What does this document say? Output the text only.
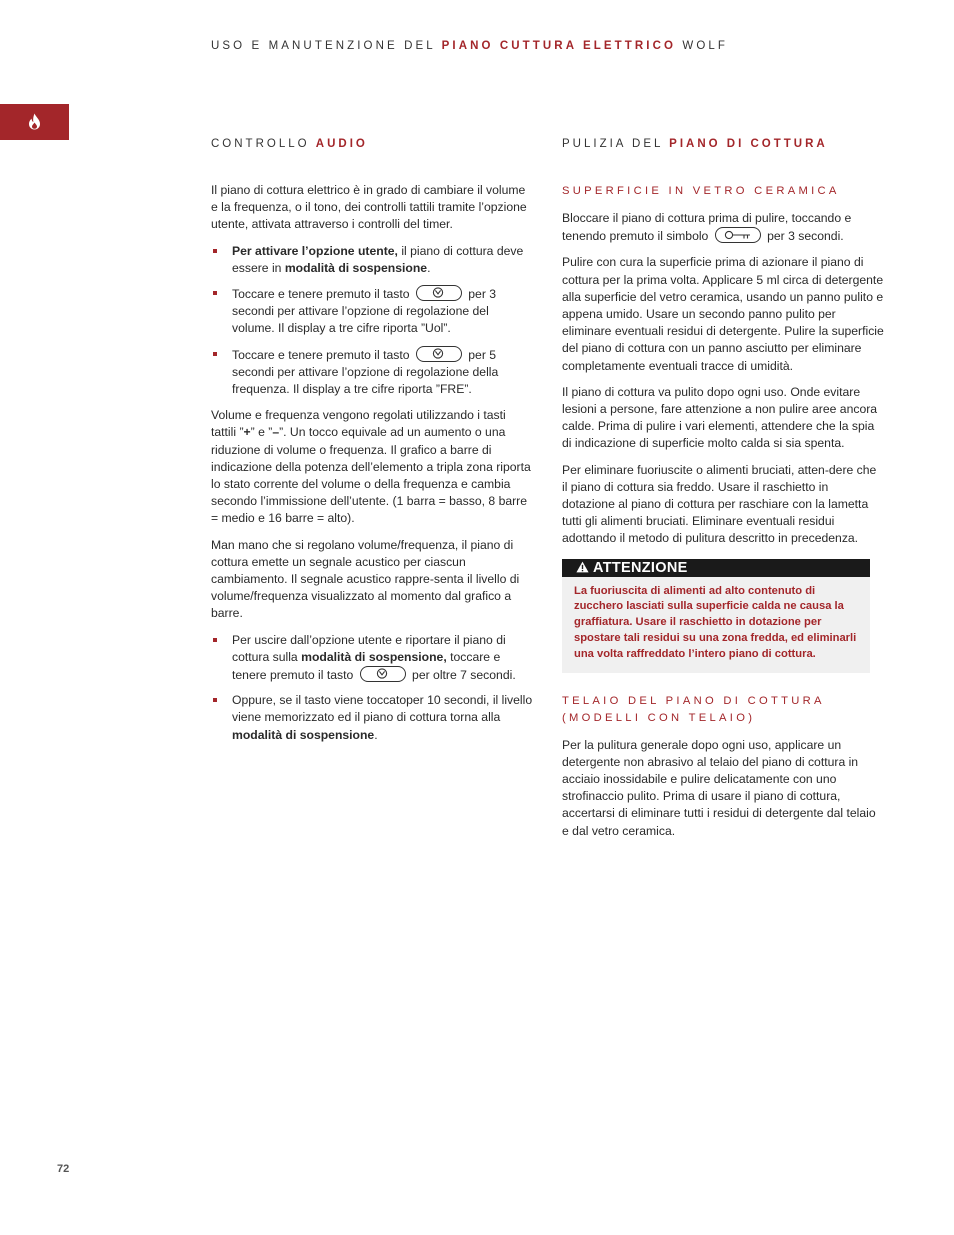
USO E MANUTENZIONE DEL PIANO CUTTURA ELETTRICO WOLF
CONTROLLO AUDIO	PULIZIA DEL PIANO DI COTTURA

Il piano di cottura elettrico è in grado di cambiare il volume e la frequenza, o il tono, dei controlli tattili tramite l’opzione utente, attivata attraverso i controlli del timer.

Per attivare l’opzione utente, il piano di cottura deve essere in modalità di sospensione.
Toccare e tenere premuto il tasto	per 3 secondi per attivare l’opzione di regolazione del volume. Il display a tre cifre riporta ”Uol”.
Toccare e tenere premuto il tasto	per 5 secondi per attivare l’opzione di regolazione della frequenza. Il display a tre cifre riporta ”FRE”.

Volume e frequenza vengono regolati utilizzando i tasti tattili ”+” e ”–”. Un tocco equivale ad un aumento o una riduzione di volume o frequenza. Il grafico a barre di indicazione della potenza dell’elemento a tripla zona riporta lo stato corrente del volume o della frequenza e cambia secondo l’immissione dell’utente. (1 barra = basso, 8 barre = medio e 16 barre = alto).

Man mano che si regolano volume/frequenza, il piano di cottura emette un segnale acustico per ciascun cambiamento. Il segnale acustico rappre-senta il livello di volume/frequenza visualizzato al momento dal grafico a barre.

Per uscire dall’opzione utente e riportare il piano di cottura sulla modalità di sospensione, toccare e tenere premuto il tasto	per oltre 7 secondi.
Oppure, se il tasto viene toccatoper 10 secondi, il livello viene memorizzato ed il piano di cottura torna alla modalità di sospensione.
SUPERFICIE IN VETRO CERAMICA

Bloccare il piano di cottura prima di pulire, toccando e tenendo premuto il simbolo	per 3 secondi.

Pulire con cura la superficie prima di azionare il piano di cottura per la prima volta. Applicare 5 ml circa di detergente alla superficie del vetro ceramica, usando un panno pulito e appena umido. Usare un secondo panno pulito per eliminare eventuali residui di detergente. Pulire la superficie del piano di cottura con un panno asciutto per eliminare completamente eventuali tracce di umidità.

Il piano di cottura va pulito dopo ogni uso. Onde evitare lesioni a persone, fare attenzione a non pulire aree ancora calde. Prima di pulire i vari elementi, attendere che la spia di indicazione di superficie molto calda si sia spenta.

Per eliminare fuoriuscite o alimenti bruciati, atten-dere che il piano di cottura sia freddo. Usare il raschietto in dotazione al piano di cottura per raschiare con la lametta tutti gli alimenti bruciati. Eliminare eventuali residui adottando il metodo di pulitura descritto in precedenza.

ATTENZIONE
La fuoriuscita di alimenti ad alto contenuto di zucchero lasciati sulla superficie calda ne causa la graffiatura. Usare il raschietto in dotazione per spostare tali residui su una zona fredda, ed eliminarli una volta raffreddato l’intero piano di cottura.
TELAIO DEL PIANO DI COTTURA (MODELLI CON TELAIO)

Per la pulitura generale dopo ogni uso, applicare un detergente non abrasivo al telaio del piano di cottura in acciaio inossidabile e pulire delicatamente con uno strofinaccio pulito. Prima di usare il piano di cottura, accertarsi di eliminare tutti i residui di detergente dal telaio e dal vetro ceramica.

72
